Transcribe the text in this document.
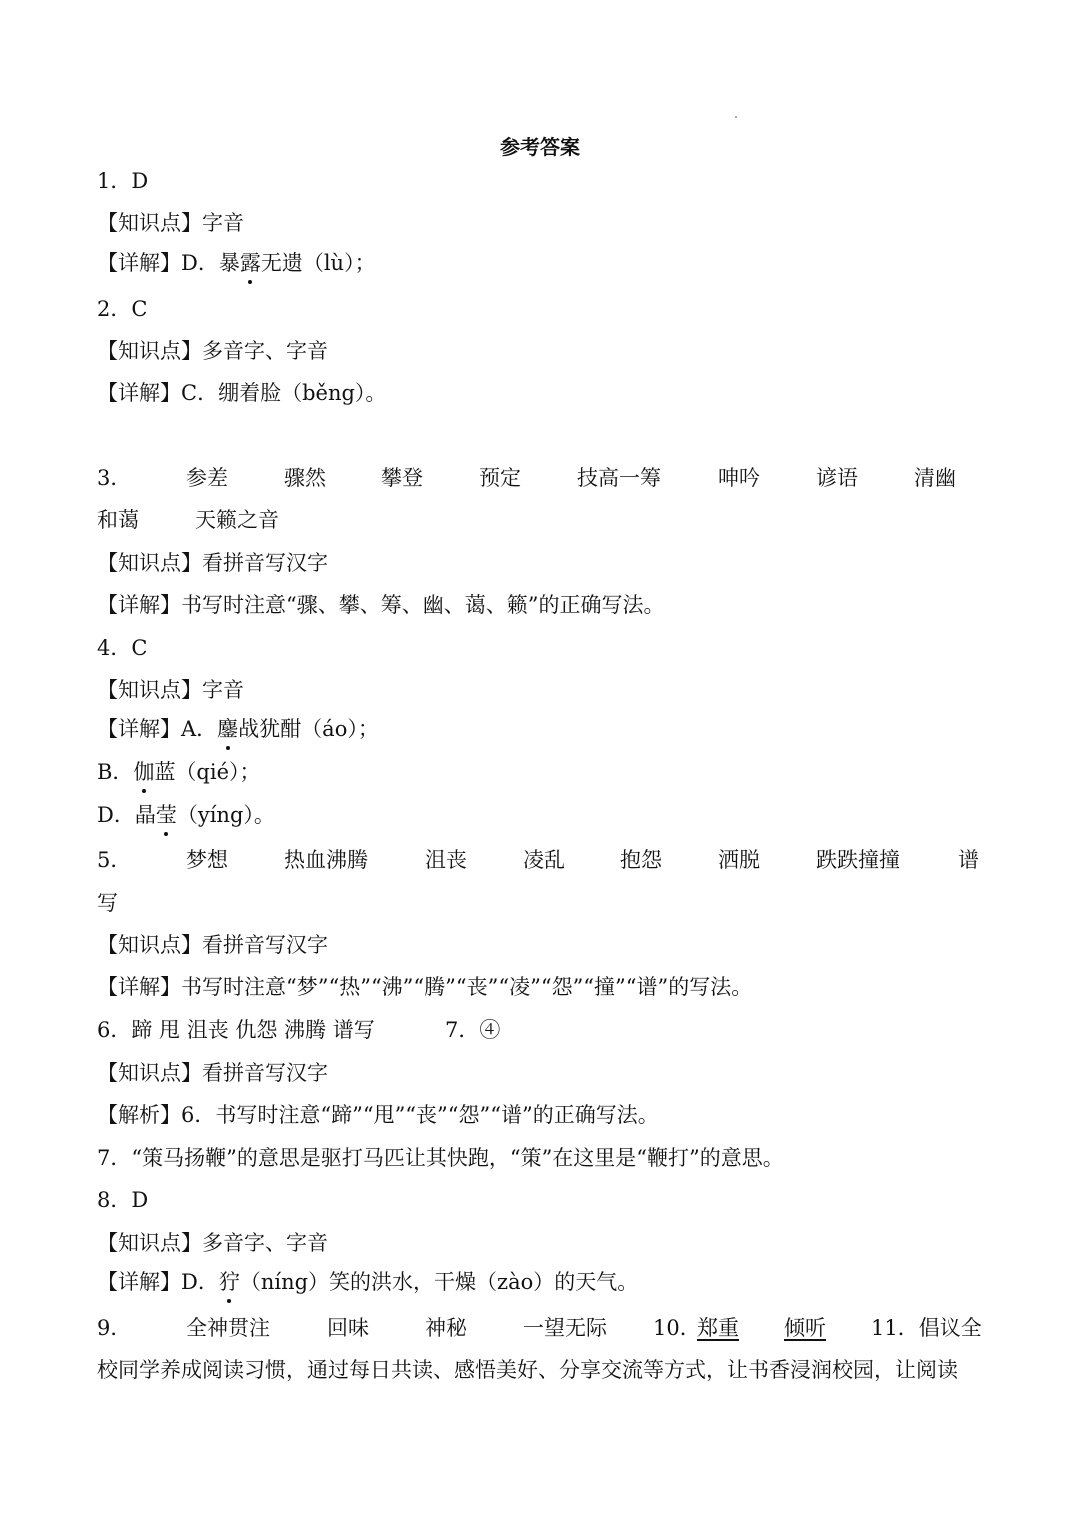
参考答案
1．D
【知识点】字音
【详解】D．暴露无遗（lù）；
2．C
【知识点】多音字、字音
【详解】C．绷着脸（běng）。
3．	参差	骤然	攀登	预定	技高一筹	呻吟	谚语	清幽
和蔼	天籁之音
【知识点】看拼音写汉字
【详解】书写时注意“骤、攀、筹、幽、蔼、籁”的正确写法。
4．C
【知识点】字音
【详解】A．鏖战犹酣（áo）；
B．伽蓝（qié）；
D．晶莹（yíng）。
5．	梦想	热血沸腾	沮丧	凌乱	抱怨	洒脱	跌跌撞撞	谱
写
【知识点】看拼音写汉字
【详解】书写时注意“梦”“热”“沸”“腾”“丧”“凌”“怨”“撞”“谱”的写法。
6．蹄 甩 沮丧 仇怨 沸腾 谱写	7．④
【知识点】看拼音写汉字
【解析】6．书写时注意“蹄”“甩”“丧”“怨”“谱”的正确写法。
7．“策马扬鞭”的意思是驱打马匹让其快跑，“策”在这里是“鞭打”的意思。
8．D
【知识点】多音字、字音
【详解】D．狞（níng）笑的洪水，干燥（zào）的天气。
9．	全神贯注	回味	神秘	一望无际 10．
郑重 倾听 11．倡议全
校同学养成阅读习惯，通过每日共读、感悟美好、分享交流等方式，让书香浸润校园，让阅读
